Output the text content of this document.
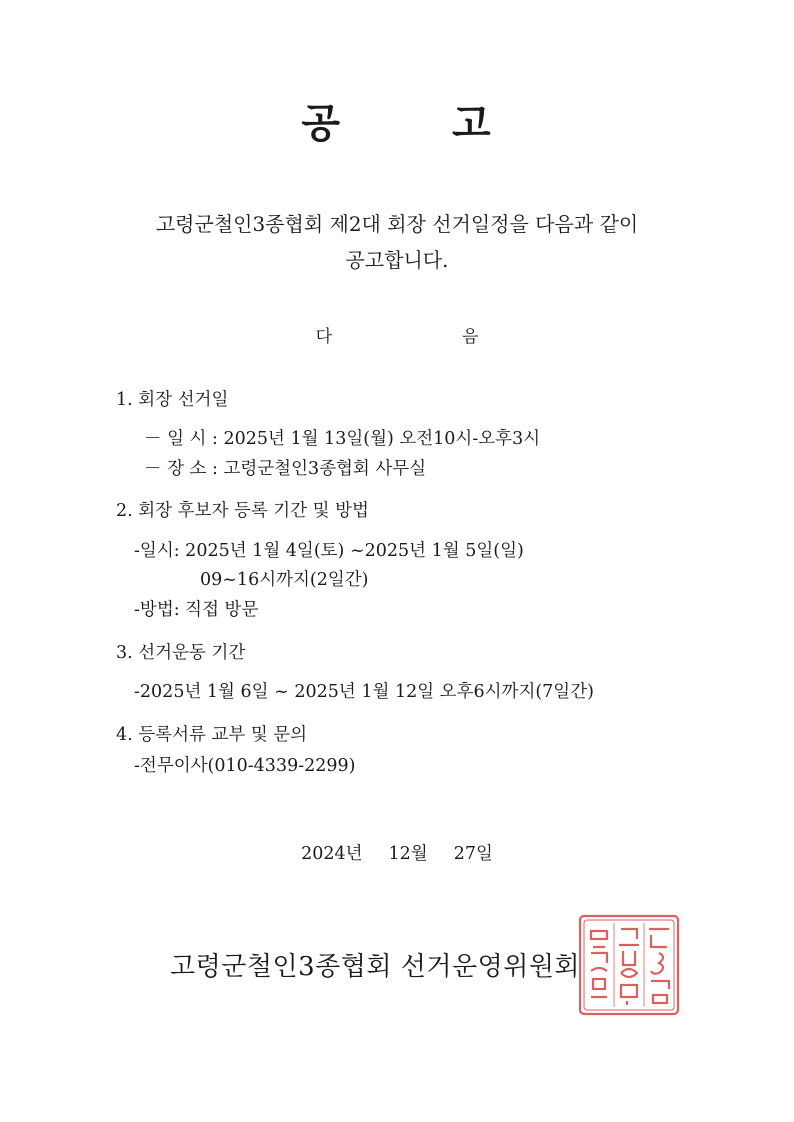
공	고
고령군철인3종협회 제2대 회장 선거일정을 다음과 같이
공고합니다.
다	음
1. 회장 선거일
－ 일 시 : 2025년 1월 13일(월) 오전10시-오후3시
－ 장 소 : 고령군철인3종협회 사무실
2. 회장 후보자 등록 기간 및 방법
-일시: 2025년 1월 4일(토) ~2025년 1월 5일(일)
09~16시까지(2일간)
-방법: 직접 방문
3. 선거운동 기간
-2025년 1월 6일 ~ 2025년 1월 12일 오후6시까지(7일간)
4. 등록서류 교부 및 문의
-전무이사(010-4339-2299)
2024년 12월 27일
고령군철인3종협회 선거운영위원회
